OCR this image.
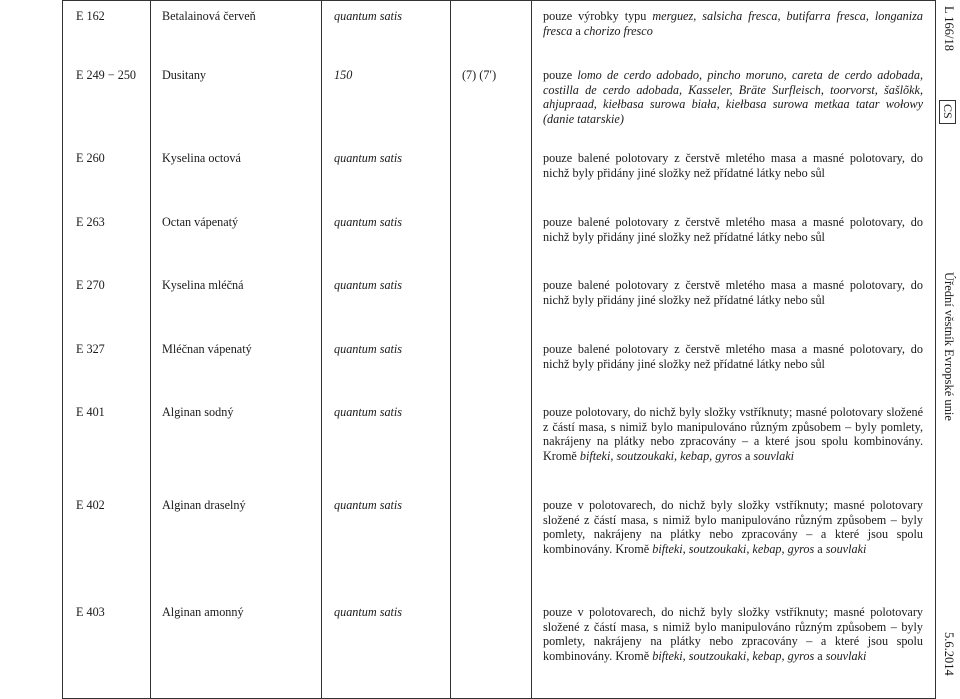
E 162	Betalainová červeň	quantum satis	pouze výrobky typu merguez, salsicha fresca, butifarra fresca, longaniza fresca a chorizo fresco
E 249 − 250	Dusitany	150	(7) (7′)	pouze lomo de cerdo adobado, pincho moruno, careta de cerdo adobada, costilla de cerdo adobada, Kasseler, Bräte Surfleisch, toorvorst, šašlõkk, ahjupraad, kiełbasa surowa biała, kiełbasa surowa metkaa tatar wołowy (danie tatarskie)
E 260	Kyselina octová	quantum satis	pouze balené polotovary z čerstvě mletého masa a masné polotovary, do nichž byly přidány jiné složky než přídatné látky nebo sůl
E 263	Octan vápenatý	quantum satis	pouze balené polotovary z čerstvě mletého masa a masné polotovary, do nichž byly přidány jiné složky než přídatné látky nebo sůl
E 270	Kyselina mléčná	quantum satis	pouze balené polotovary z čerstvě mletého masa a masné polotovary, do nichž byly přidány jiné složky než přídatné látky nebo sůl
E 327	Mléčnan vápenatý	quantum satis	pouze balené polotovary z čerstvě mletého masa a masné polotovary, do nichž byly přidány jiné složky než přídatné látky nebo sůl
E 401	Alginan sodný	quantum satis	pouze polotovary, do nichž byly složky vstříknuty; masné polotovary složené z částí masa, s nimiž bylo manipulováno různým způsobem – byly pomlety, nakrájeny na plátky nebo zpracovány – a které jsou spolu kombinovány. Kromě bifteki, soutzoukaki, kebap, gyros a souvlaki
E 402	Alginan draselný	quantum satis	pouze v polotovarech, do nichž byly složky vstříknuty; masné polotovary složené z částí masa, s nimiž bylo manipulováno různým způsobem – byly pomlety, nakrájeny na plátky nebo zpracovány – a které jsou spolu kombinovány. Kromě bifteki, soutzoukaki, kebap, gyros a souvlaki
E 403	Alginan amonný	quantum satis	pouze v polotovarech, do nichž byly složky vstříknuty; masné polotovary složené z částí masa, s nimiž bylo manipulováno různým způsobem – byly pomlety, nakrájeny na plátky nebo zpracovány – a které jsou spolu kombinovány. Kromě bifteki, soutzoukaki, kebap, gyros a souvlaki
L 166/18
CS
Úřední věstník Evropské unie
5.6.2014
